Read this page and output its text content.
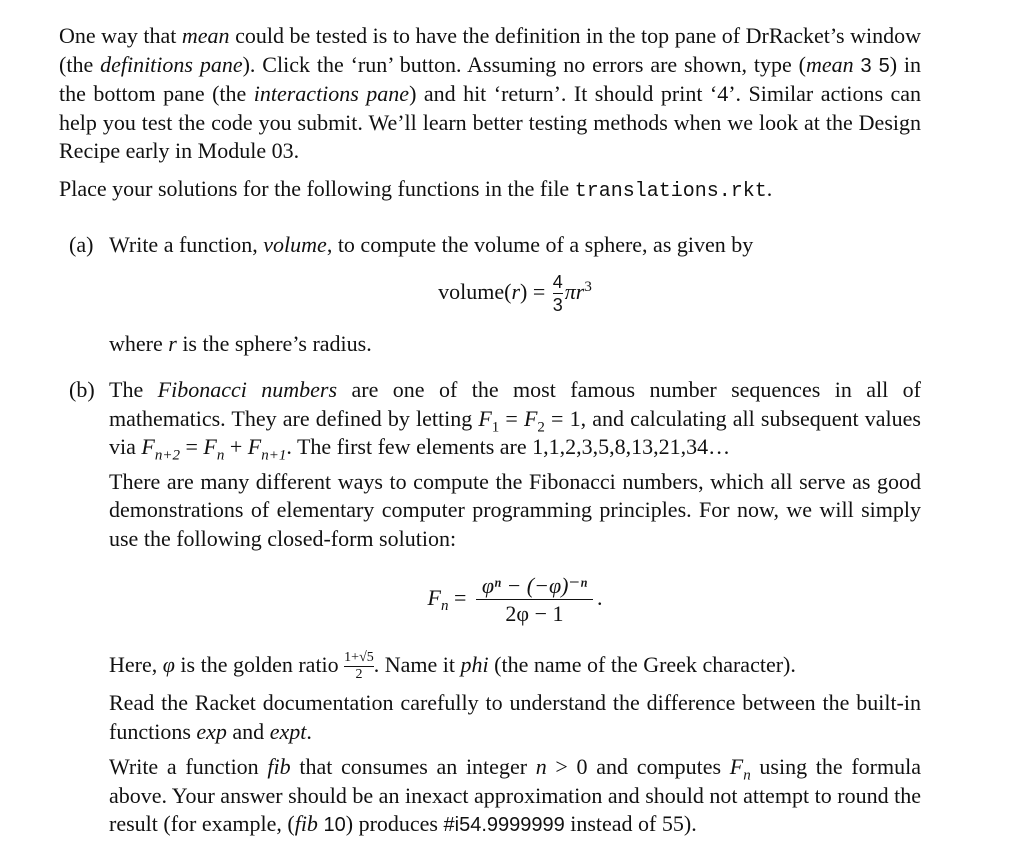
One way that mean could be tested is to have the definition in the top pane of DrRacket’s window (the definitions pane). Click the ‘run’ button. Assuming no errors are shown, type (mean 3 5) in the bottom pane (the interactions pane) and hit ‘return’. It should print ‘4’. Similar actions can help you test the code you submit. We’ll learn better testing methods when we look at the Design Recipe early in Module 03.

Place your solutions for the following functions in the file translations.rkt.

(a) Write a function, volume, to compute the volume of a sphere, as given by

volume(r) = $\frac{4}{3} \pi r^3$

where r is the sphere’s radius.

(b) The Fibonacci numbers are one of the most famous number sequences in all of mathematics. They are defined by letting $F_1 = F_2 = 1$, and calculating all subsequent values via $F_{n+2} = F_n + F_{n+1}$. The first few elements are 1,1,2,3,5,8,13,21,34…

There are many different ways to compute the Fibonacci numbers, which all serve as good demonstrations of elementary computer programming principles. For now, we will simply use the following closed-form solution:

$F_n = \frac{\text{φⁿ − (−φ)⁻ⁿ}}{2\varphi - 1}$ .

Here, φ is the golden ratio $\frac{1+√5}{2}$ . Name it phi (the name of the Greek character).

Read the Racket documentation carefully to understand the difference between the built-in functions exp and expt.

Write a function fib that consumes an integer n > 0 and computes $F_n$ using the formula above. Your answer should be an inexact approximation and should not attempt to round the result (for example, (fib 10) produces #i54.9999999 instead of 55).
